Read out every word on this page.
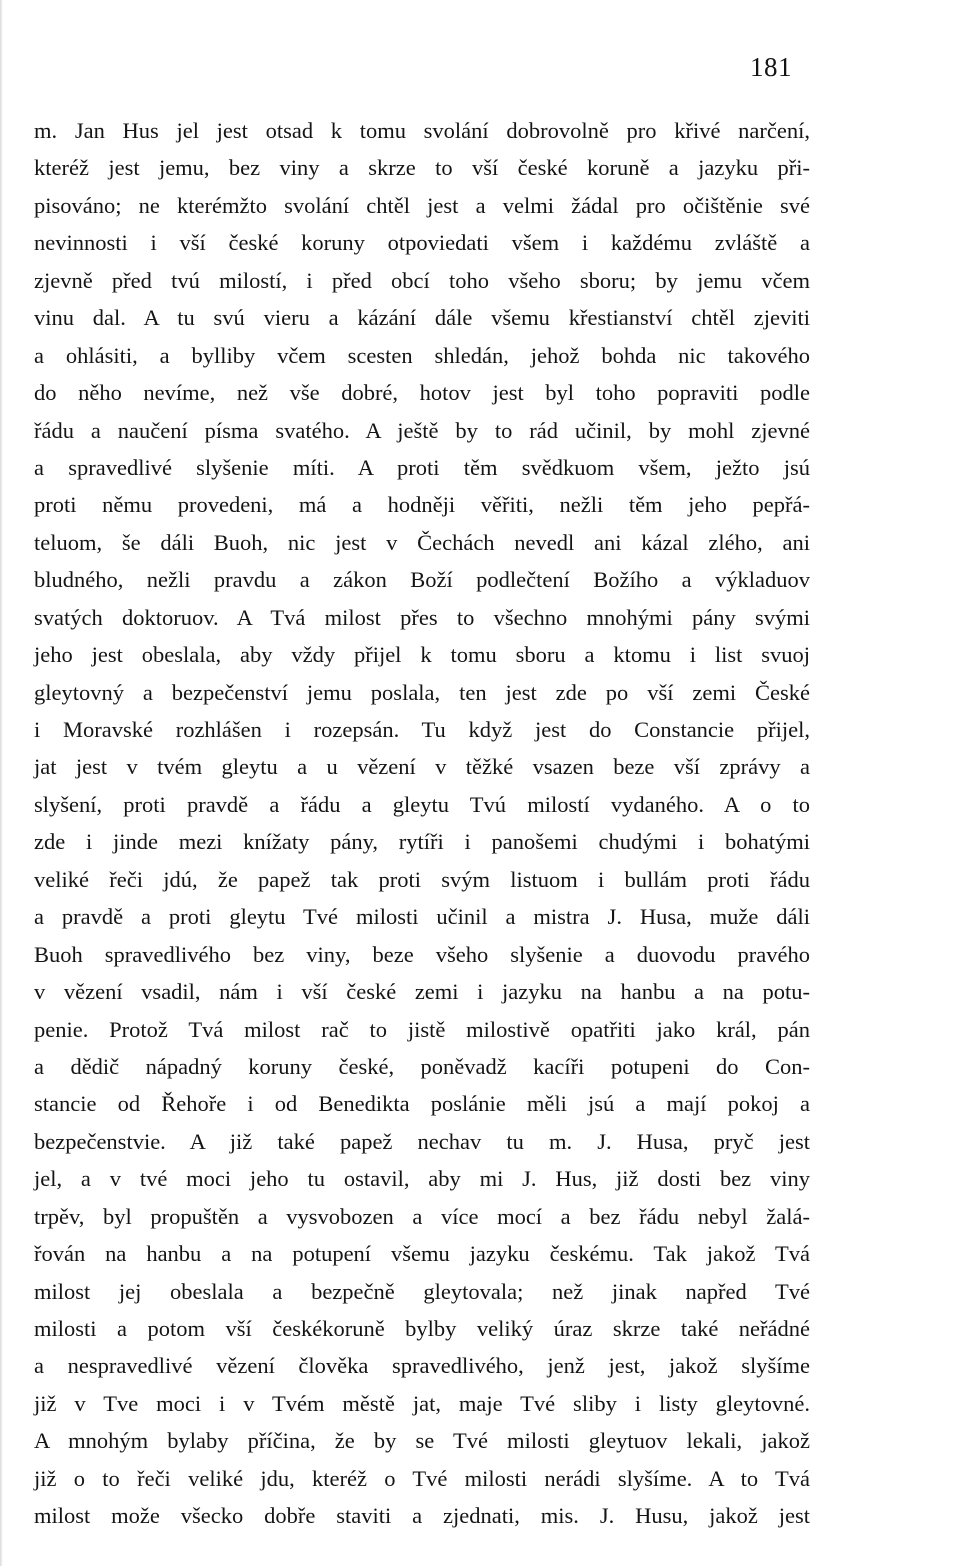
181
m. Jan Hus jel jest otsad k tomu svolání dobrovolně pro křivé narčení,
kteréž jest jemu, bez viny a skrze to vší české koruně a jazyku při-
pisováno; ne kterémžto svolání chtěl jest a velmi žádal pro očištěnie své
nevinnosti i vší české koruny otpoviedati všem i každému zvláště a
zjevně před tvú milostí, i před obcí toho všeho sboru; by jemu včem
vinu dal. A tu svú vieru a kázání dále všemu křestianství chtěl zjeviti
a ohlásiti, a bylliby včem scesten shledán, jehož bohda nic takového
do něho nevíme, než vše dobré, hotov jest byl toho popraviti podle
řádu a naučení písma svatého. A ještě by to rád učinil, by mohl zjevné
a spravedlivé slyšenie míti. A proti těm svědkuom všem, ježto jsú
proti němu provedeni, má a hodněji věřiti, nežli těm jeho pepřá-
teluom, še dáli Buoh, nic jest v Čechách nevedl ani kázal zlého, ani
bludného, nežli pravdu a zákon Boží podlečtení Božího a výkladuov
svatých doktoruov. A Tvá milost přes to všechno mnohými pány svými
jeho jest obeslala, aby vždy přijel k tomu sboru a ktomu i list svuoj
gleytovný a bezpečenství jemu poslala, ten jest zde po vší zemi České
i Moravské rozhlášen i rozepsán. Tu když jest do Constancie přijel,
jat jest v tvém gleytu a u vězení v těžké vsazen beze vší zprávy a
slyšení, proti pravdě a řádu a gleytu Tvú milostí vydaného. A o to
zde i jinde mezi knížaty pány, rytíři i panošemi chudými i bohatými
veliké řeči jdú, že papež tak proti svým listuom i bullám proti řádu
a pravdě a proti gleytu Tvé milosti učinil a mistra J. Husa, muže dáli
Buoh spravedlivého bez viny, beze všeho slyšenie a duovodu pravého
v vězení vsadil, nám i vší české zemi i jazyku na hanbu a na potu-
penie. Protož Tvá milost rač to jistě milostivě opatřiti jako král, pán
a dědič nápadný koruny české, poněvadž kacíři potupeni do Con-
stancie od Řehoře i od Benedikta poslánie měli jsú a mají pokoj a
bezpečenstvie. A již také papež nechav tu m. J. Husa, pryč jest
jel, a v tvé moci jeho tu ostavil, aby mi J. Hus, již dosti bez viny
trpěv, byl propuštěn a vysvobozen a více mocí a bez řádu nebyl žalá-
řován na hanbu a na potupení všemu jazyku českému. Tak jakož Tvá
milost jej obeslala a bezpečně gleytovala; než jinak napřed Tvé
milosti a potom vší českékoruně bylby veliký úraz skrze také neřádné
a nespravedlivé vězení člověka spravedlivého, jenž jest, jakož slyšíme
již v Tve moci i v Tvém městě jat, maje Tvé sliby i listy gleytovné.
A mnohým bylaby příčina, že by se Tvé milosti gleytuov lekali, jakož
již o to řeči veliké jdu, kteréž o Tvé milosti nerádi slyšíme. A to Tvá
milost može všecko dobře staviti a zjednati, mis. J. Husu, jakož jest
